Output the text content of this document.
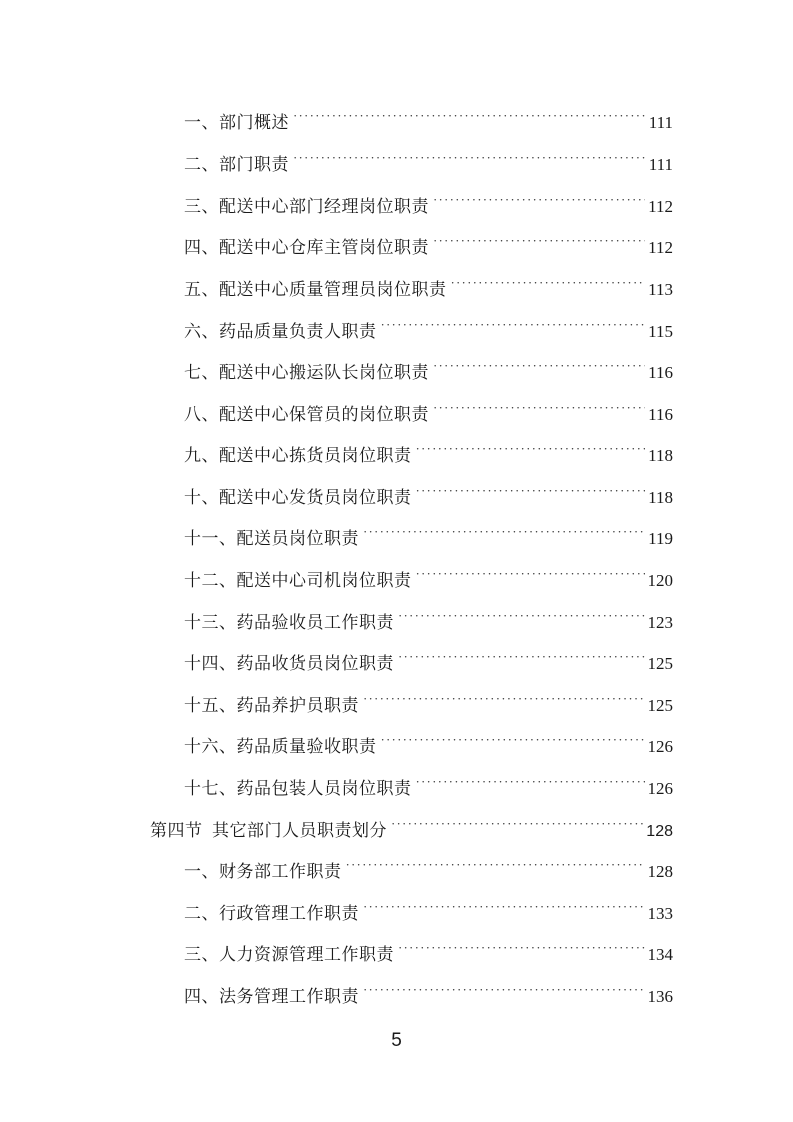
一、部门概述 ·····	111
二、部门职责 ·····	111
三、配送中心部门经理岗位职责 ·····	112
四、配送中心仓库主管岗位职责 ·····	112
五、配送中心质量管理员岗位职责 ·····	113
六、药品质量负责人职责 ·····	115
七、配送中心搬运队长岗位职责 ·····	116
八、配送中心保管员的岗位职责 ·····	116
九、配送中心拣货员岗位职责 ·····	118
十、配送中心发货员岗位职责 ·····	118
十一、配送员岗位职责 ·····	119
十二、配送中心司机岗位职责 ·····	120
十三、药品验收员工作职责 ·····	123
十四、药品收货员岗位职责 ·····	125
十五、药品养护员职责 ·····	125
十六、药品质量验收职责 ·····	126
十七、药品包装人员岗位职责 ·····	126
第四节  其它部门人员职责划分 ·····	128
一、财务部工作职责 ·····	128
二、行政管理工作职责 ·····	133
三、人力资源管理工作职责 ·····	134
四、法务管理工作职责 ·····	136
5
